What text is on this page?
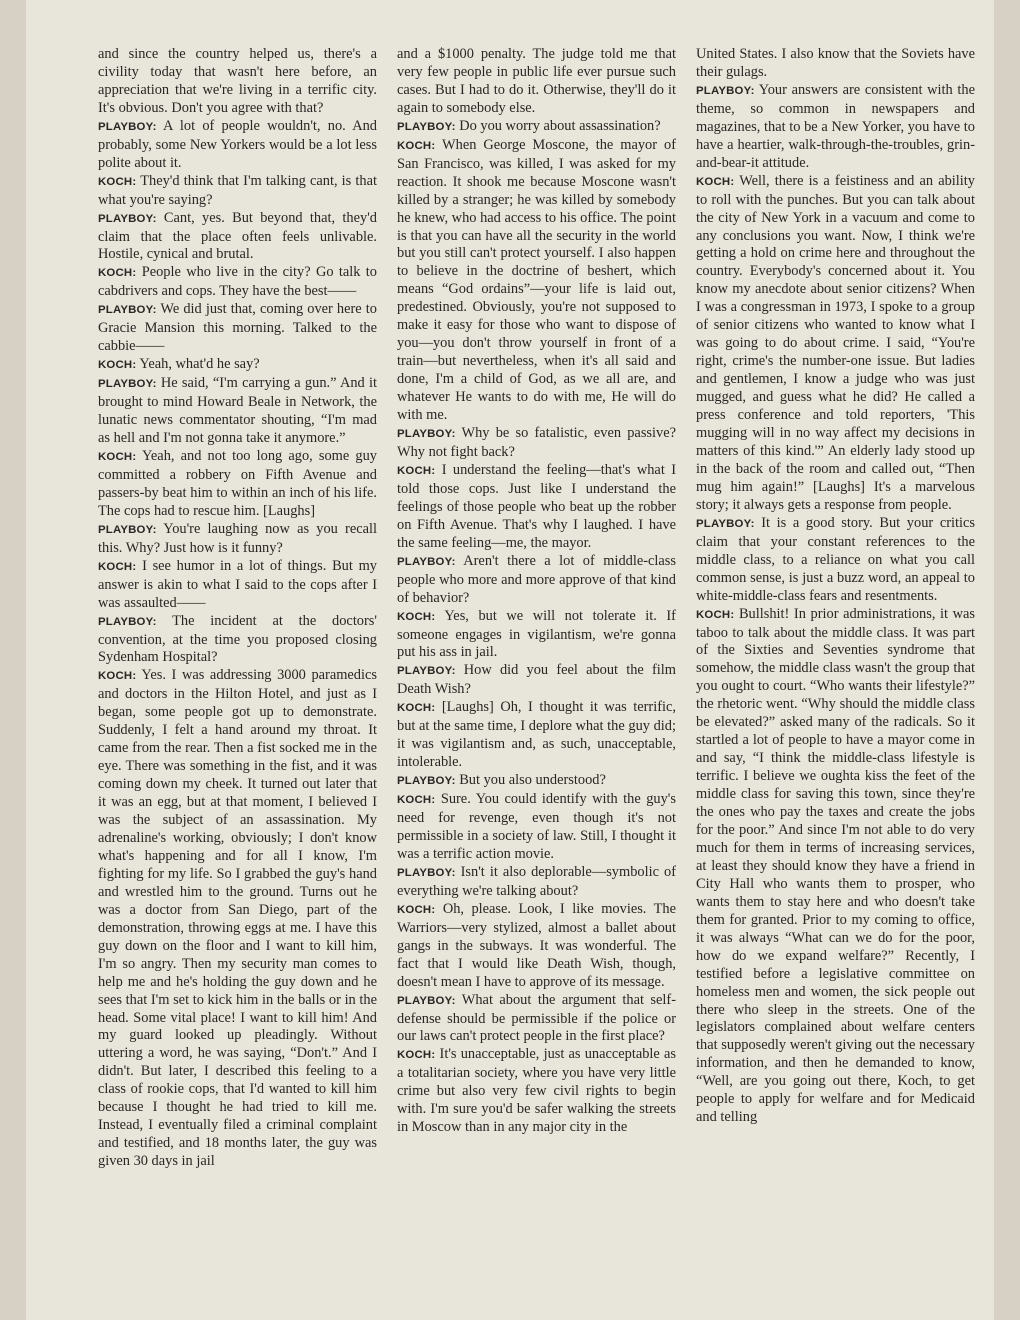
and since the country helped us, there's a civility today that wasn't here before, an appreciation that we're living in a terrific city. It's obvious. Don't you agree with that?

PLAYBOY: A lot of people wouldn't, no. And probably, some New Yorkers would be a lot less polite about it.

KOCH: They'd think that I'm talking cant, is that what you're saying?

PLAYBOY: Cant, yes. But beyond that, they'd claim that the place often feels unlivable. Hostile, cynical and brutal.

KOCH: People who live in the city? Go talk to cabdrivers and cops. They have the best——

PLAYBOY: We did just that, coming over here to Gracie Mansion this morning. Talked to the cabbie——

KOCH: Yeah, what'd he say?

PLAYBOY: He said, “I'm carrying a gun.” And it brought to mind Howard Beale in Network, the lunatic news commentator shouting, “I'm mad as hell and I'm not gonna take it anymore.”

KOCH: Yeah, and not too long ago, some guy committed a robbery on Fifth Avenue and passers-by beat him to within an inch of his life. The cops had to rescue him. [Laughs]

PLAYBOY: You're laughing now as you recall this. Why? Just how is it funny?

KOCH: I see humor in a lot of things. But my answer is akin to what I said to the cops after I was assaulted——

PLAYBOY: The incident at the doctors' convention, at the time you proposed closing Sydenham Hospital?

KOCH: Yes. I was addressing 3000 paramedics and doctors in the Hilton Hotel, and just as I began, some people got up to demonstrate. Suddenly, I felt a hand around my throat. It came from the rear. Then a fist socked me in the eye. There was something in the fist, and it was coming down my cheek. It turned out later that it was an egg, but at that moment, I believed I was the subject of an assassination. My adrenaline's working, obviously; I don't know what's happening and for all I know, I'm fighting for my life. So I grabbed the guy's hand and wrestled him to the ground. Turns out he was a doctor from San Diego, part of the demonstration, throwing eggs at me. I have this guy down on the floor and I want to kill him, I'm so angry. Then my security man comes to help me and he's holding the guy down and he sees that I'm set to kick him in the balls or in the head. Some vital place! I want to kill him! And my guard looked up pleadingly. Without uttering a word, he was saying, “Don't.” And I didn't. But later, I described this feeling to a class of rookie cops, that I'd wanted to kill him because I thought he had tried to kill me. Instead, I eventually filed a criminal complaint and testified, and 18 months later, the guy was given 30 days in jail

and a $1000 penalty. The judge told me that very few people in public life ever pursue such cases. But I had to do it. Otherwise, they'll do it again to somebody else.

PLAYBOY: Do you worry about assassination?

KOCH: When George Moscone, the mayor of San Francisco, was killed, I was asked for my reaction. It shook me because Moscone wasn't killed by a stranger; he was killed by somebody he knew, who had access to his office. The point is that you can have all the security in the world but you still can't protect yourself. I also happen to believe in the doctrine of beshert, which means “God ordains”—your life is laid out, predestined. Obviously, you're not supposed to make it easy for those who want to dispose of you—you don't throw yourself in front of a train—but nevertheless, when it's all said and done, I'm a child of God, as we all are, and whatever He wants to do with me, He will do with me.

PLAYBOY: Why be so fatalistic, even passive? Why not fight back?

KOCH: I understand the feeling—that's what I told those cops. Just like I understand the feelings of those people who beat up the robber on Fifth Avenue. That's why I laughed. I have the same feeling—me, the mayor.

PLAYBOY: Aren't there a lot of middle-class people who more and more approve of that kind of behavior?

KOCH: Yes, but we will not tolerate it. If someone engages in vigilantism, we're gonna put his ass in jail.

PLAYBOY: How did you feel about the film Death Wish?

KOCH: [Laughs] Oh, I thought it was terrific, but at the same time, I deplore what the guy did; it was vigilantism and, as such, unacceptable, intolerable.

PLAYBOY: But you also understood?

KOCH: Sure. You could identify with the guy's need for revenge, even though it's not permissible in a society of law. Still, I thought it was a terrific action movie.

PLAYBOY: Isn't it also deplorable—symbolic of everything we're talking about?

KOCH: Oh, please. Look, I like movies. The Warriors—very stylized, almost a ballet about gangs in the subways. It was wonderful. The fact that I would like Death Wish, though, doesn't mean I have to approve of its message.

PLAYBOY: What about the argument that self-defense should be permissible if the police or our laws can't protect people in the first place?

KOCH: It's unacceptable, just as unacceptable as a totalitarian society, where you have very little crime but also very few civil rights to begin with. I'm sure you'd be safer walking the streets in Moscow than in any major city in the

United States. I also know that the Soviets have their gulags.

PLAYBOY: Your answers are consistent with the theme, so common in newspapers and magazines, that to be a New Yorker, you have to have a heartier, walk-through-the-troubles, grin-and-bear-it attitude.

KOCH: Well, there is a feistiness and an ability to roll with the punches. But you can talk about the city of New York in a vacuum and come to any conclusions you want. Now, I think we're getting a hold on crime here and throughout the country. Everybody's concerned about it. You know my anecdote about senior citizens? When I was a congressman in 1973, I spoke to a group of senior citizens who wanted to know what I was going to do about crime. I said, “You're right, crime's the number-one issue. But ladies and gentlemen, I know a judge who was just mugged, and guess what he did? He called a press conference and told reporters, 'This mugging will in no way affect my decisions in matters of this kind.'” An elderly lady stood up in the back of the room and called out, “Then mug him again!” [Laughs] It's a marvelous story; it always gets a response from people.

PLAYBOY: It is a good story. But your critics claim that your constant references to the middle class, to a reliance on what you call common sense, is just a buzz word, an appeal to white-middle-class fears and resentments.

KOCH: Bullshit! In prior administrations, it was taboo to talk about the middle class. It was part of the Sixties and Seventies syndrome that somehow, the middle class wasn't the group that you ought to court. “Who wants their lifestyle?” the rhetoric went. “Why should the middle class be elevated?” asked many of the radicals. So it startled a lot of people to have a mayor come in and say, “I think the middle-class lifestyle is terrific. I believe we oughta kiss the feet of the middle class for saving this town, since they're the ones who pay the taxes and create the jobs for the poor.” And since I'm not able to do very much for them in terms of increasing services, at least they should know they have a friend in City Hall who wants them to prosper, who wants them to stay here and who doesn't take them for granted. Prior to my coming to office, it was always “What can we do for the poor, how do we expand welfare?” Recently, I testified before a legislative committee on homeless men and women, the sick people out there who sleep in the streets. One of the legislators complained about welfare centers that supposedly weren't giving out the necessary information, and then he demanded to know, “Well, are you going out there, Koch, to get people to apply for welfare and for Medicaid and telling
